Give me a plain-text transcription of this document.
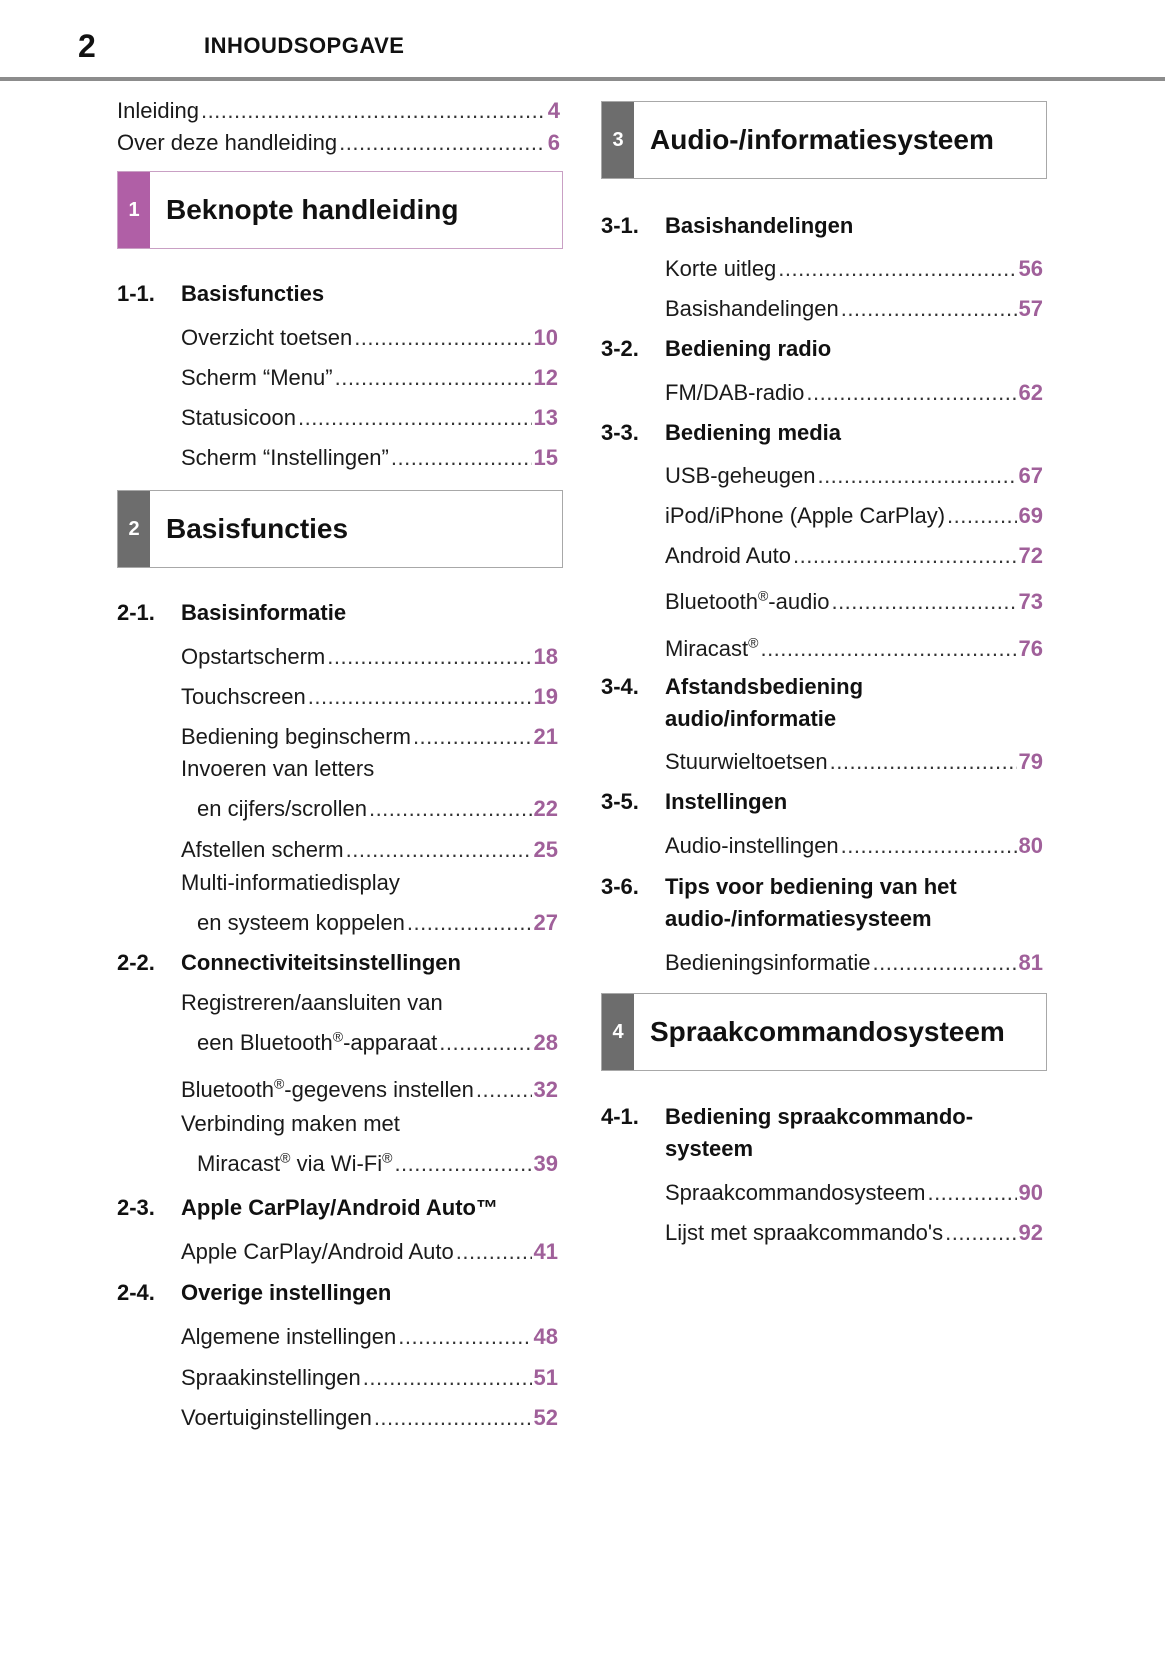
2	INHOUDSOPGAVE
Inleiding .....	4
Over deze handleiding .....	6
1 Beknopte handleiding
1-1. Basisfuncties
Overzicht toetsen .....	10
Scherm “Menu” .....	12
Statusicoon .....	13
Scherm “Instellingen” .....	15
2 Basisfuncties
2-1. Basisinformatie
Opstartscherm .....	18
Touchscreen .....	19
Bediening beginscherm .....	21
Invoeren van letters
en cijfers/scrollen .....	22
Afstellen scherm .....	25
Multi-informatiedisplay
en systeem koppelen .....	27
2-2. Connectiviteitsinstellingen
Registreren/aansluiten van
een Bluetooth®-apparaat .....	28
Bluetooth®-gegevens instellen .....	32
Verbinding maken met
Miracast® via Wi-Fi® .....	39
2-3. Apple CarPlay/Android Auto™
Apple CarPlay/Android Auto .....	41
2-4. Overige instellingen
Algemene instellingen .....	48
Spraakinstellingen .....	51
Voertuiginstellingen .....	52
3 Audio-/informatiesysteem
3-1. Basishandelingen
Korte uitleg .....	56
Basishandelingen .....	57
3-2. Bediening radio
FM/DAB-radio .....	62
3-3. Bediening media
USB-geheugen .....	67
iPod/iPhone (Apple CarPlay) .....	69
Android Auto .....	72
Bluetooth®-audio .....	73
Miracast® .....	76
3-4. Afstandsbediening
audio/informatie
Stuurwieltoetsen .....	79
3-5. Instellingen
Audio-instellingen .....	80
3-6. Tips voor bediening van het
audio-/informatiesysteem
Bedieningsinformatie .....	81
4 Spraakcommandosysteem
4-1. Bediening spraakcommando-
systeem
Spraakcommandosysteem .....	90
Lijst met spraakcommando's .....	92
